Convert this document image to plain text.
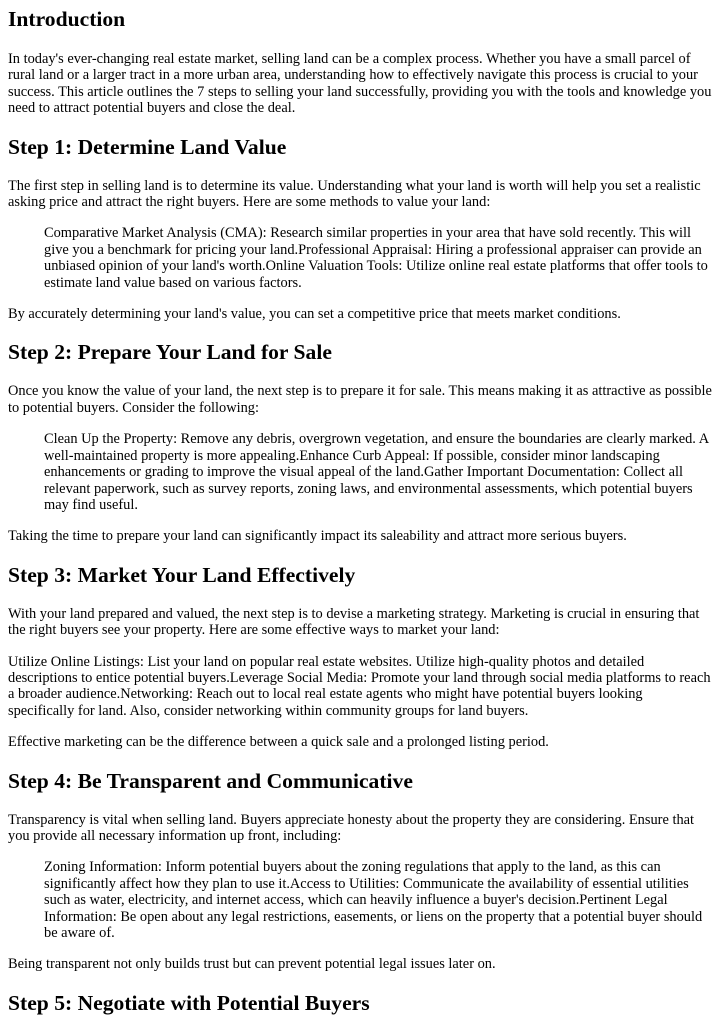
Introduction

In today's ever-changing real estate market, selling land can be a complex process. Whether you have a small parcel of rural land or a larger tract in a more urban area, understanding how to effectively navigate this process is crucial to your success. This article outlines the 7 steps to selling your land successfully, providing you with the tools and knowledge you need to attract potential buyers and close the deal.

Step 1: Determine Land Value

The first step in selling land is to determine its value. Understanding what your land is worth will help you set a realistic asking price and attract the right buyers. Here are some methods to value your land:

Comparative Market Analysis (CMA): Research similar properties in your area that have sold recently. This will give you a benchmark for pricing your land.Professional Appraisal: Hiring a professional appraiser can provide an unbiased opinion of your land's worth.Online Valuation Tools: Utilize online real estate platforms that offer tools to estimate land value based on various factors.

By accurately determining your land's value, you can set a competitive price that meets market conditions.

Step 2: Prepare Your Land for Sale

Once you know the value of your land, the next step is to prepare it for sale. This means making it as attractive as possible to potential buyers. Consider the following:

Clean Up the Property: Remove any debris, overgrown vegetation, and ensure the boundaries are clearly marked. A well-maintained property is more appealing.Enhance Curb Appeal: If possible, consider minor landscaping enhancements or grading to improve the visual appeal of the land.Gather Important Documentation: Collect all relevant paperwork, such as survey reports, zoning laws, and environmental assessments, which potential buyers may find useful.

Taking the time to prepare your land can significantly impact its saleability and attract more serious buyers.

Step 3: Market Your Land Effectively

With your land prepared and valued, the next step is to devise a marketing strategy. Marketing is crucial in ensuring that the right buyers see your property. Here are some effective ways to market your land:

Utilize Online Listings: List your land on popular real estate websites. Utilize high-quality photos and detailed descriptions to entice potential buyers.Leverage Social Media: Promote your land through social media platforms to reach a broader audience.Networking: Reach out to local real estate agents who might have potential buyers looking specifically for land. Also, consider networking within community groups for land buyers.

Effective marketing can be the difference between a quick sale and a prolonged listing period.

Step 4: Be Transparent and Communicative

Transparency is vital when selling land. Buyers appreciate honesty about the property they are considering. Ensure that you provide all necessary information up front, including:

Zoning Information: Inform potential buyers about the zoning regulations that apply to the land, as this can significantly affect how they plan to use it.Access to Utilities: Communicate the availability of essential utilities such as water, electricity, and internet access, which can heavily influence a buyer's decision.Pertinent Legal Information: Be open about any legal restrictions, easements, or liens on the property that a potential buyer should be aware of.

Being transparent not only builds trust but can prevent potential legal issues later on.

Step 5: Negotiate with Potential Buyers
